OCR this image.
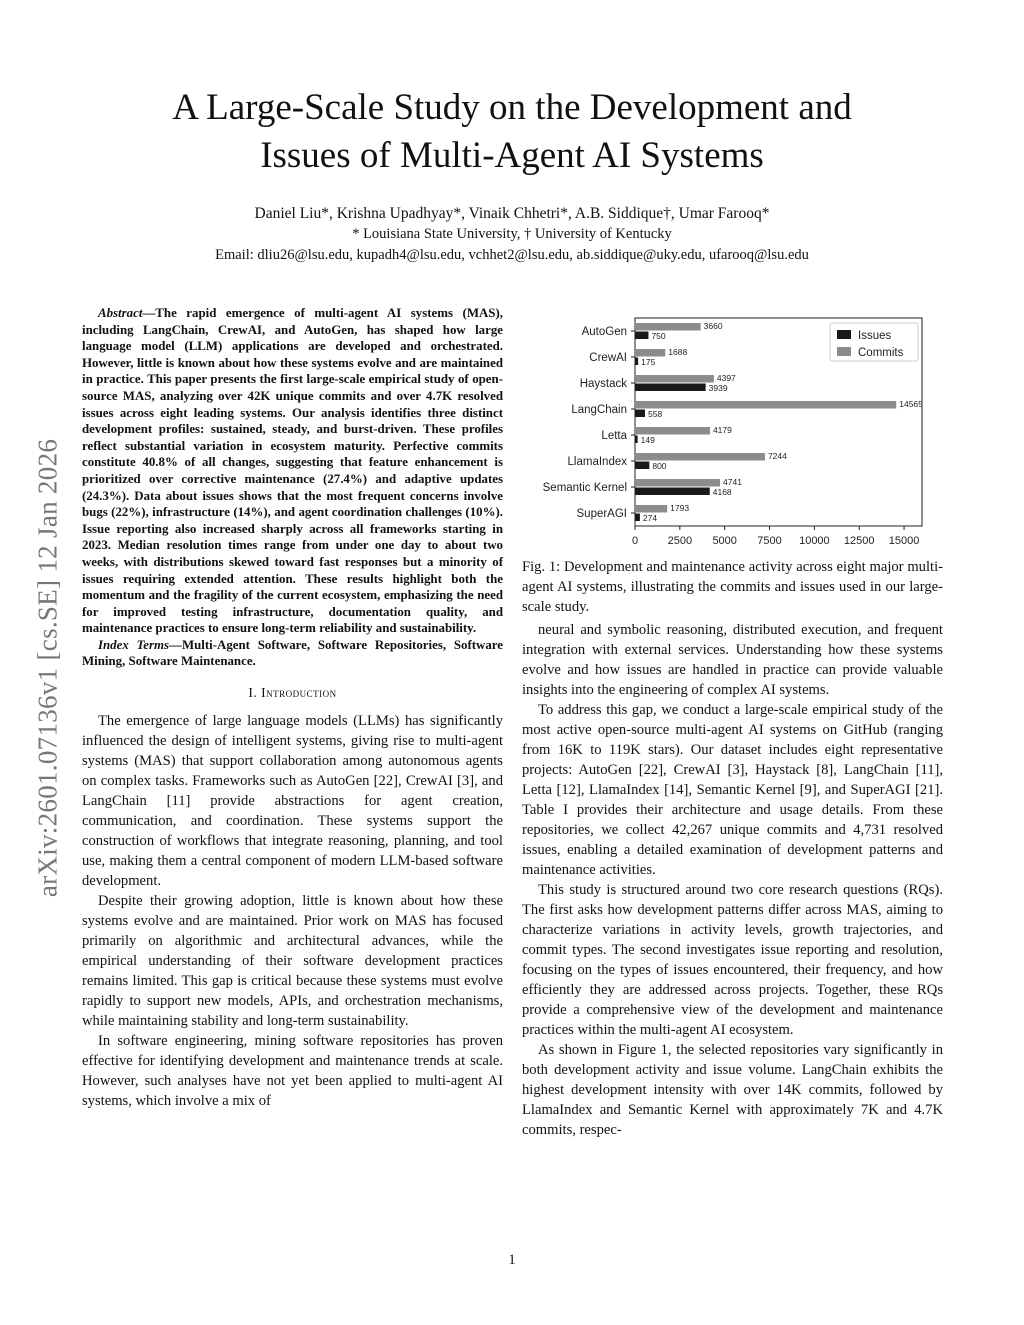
arXiv:2601.07136v1 [cs.SE] 12 Jan 2026
A Large-Scale Study on the Development and
Issues of Multi-Agent AI Systems
Daniel Liu*, Krishna Upadhyay*, Vinaik Chhetri*, A.B. Siddique†, Umar Farooq*
* Louisiana State University, † University of Kentucky
Email: dliu26@lsu.edu, kupadh4@lsu.edu, vchhet2@lsu.edu, ab.siddique@uky.edu, ufarooq@lsu.edu

Abstract—The rapid emergence of multi-agent AI systems (MAS), including LangChain, CrewAI, and AutoGen, has shaped how large language model (LLM) applications are developed and orchestrated. However, little is known about how these systems evolve and are maintained in practice. This paper presents the first large-scale empirical study of open-source MAS, analyzing over 42K unique commits and over 4.7K resolved issues across eight leading systems. Our analysis identifies three distinct development profiles: sustained, steady, and burst-driven. These profiles reflect substantial variation in ecosystem maturity. Perfective commits constitute 40.8% of all changes, suggesting that feature enhancement is prioritized over corrective maintenance (27.4%) and adaptive updates (24.3%). Data about issues shows that the most frequent concerns involve bugs (22%), infrastructure (14%), and agent coordination challenges (10%). Issue reporting also increased sharply across all frameworks starting in 2023. Median resolution times range from under one day to about two weeks, with distributions skewed toward fast responses but a minority of issues requiring extended attention. These results highlight both the momentum and the fragility of the current ecosystem, emphasizing the need for improved testing infrastructure, documentation quality, and maintenance practices to ensure long-term reliability and sustainability.

Index Terms—Multi-Agent Software, Software Repositories, Software Mining, Software Maintenance.

I. Introduction

The emergence of large language models (LLMs) has significantly influenced the design of intelligent systems, giving rise to multi-agent systems (MAS) that support collaboration among autonomous agents on complex tasks. Frameworks such as AutoGen [22], CrewAI [3], and LangChain [11] provide abstractions for agent creation, communication, and coordination. These systems support the construction of workflows that integrate reasoning, planning, and tool use, making them a central component of modern LLM-based software development.

Despite their growing adoption, little is known about how these systems evolve and are maintained. Prior work on MAS has focused primarily on algorithmic and architectural advances, while the empirical understanding of their software development practices remains limited. This gap is critical because these systems must evolve rapidly to support new models, APIs, and orchestration mechanisms, while maintaining stability and long-term sustainability.

In software engineering, mining software repositories has proven effective for identifying development and maintenance trends at scale. However, such analyses have not yet been applied to multi-agent AI systems, which involve a mix of

0	2500 5000 7500 10000 12500 15000
AutoGen	3660
750
CrewAI	1688
175
Haystack	4397
3939
LangChain	14565
558
Letta	4179
149
LlamaIndex	7244
800
Semantic Kernel	4741
4168
SuperAGI	1793
274
Issues
Commits

Fig. 1: Development and maintenance activity across eight major multi-agent AI systems, illustrating the commits and issues used in our large-scale study.

neural and symbolic reasoning, distributed execution, and frequent integration with external services. Understanding how these systems evolve and how issues are handled in practice can provide valuable insights into the engineering of complex AI systems.

To address this gap, we conduct a large-scale empirical study of the most active open-source multi-agent AI systems on GitHub (ranging from 16K to 119K stars). Our dataset includes eight representative projects: AutoGen [22], CrewAI [3], Haystack [8], LangChain [11], Letta [12], LlamaIndex [14], Semantic Kernel [9], and SuperAGI [21]. Table I provides their architecture and usage details. From these repositories, we collect 42,267 unique commits and 4,731 resolved issues, enabling a detailed examination of development patterns and maintenance activities.

This study is structured around two core research questions (RQs). The first asks how development patterns differ across MAS, aiming to characterize variations in activity levels, growth trajectories, and commit types. The second investigates issue reporting and resolution, focusing on the types of issues encountered, their frequency, and how efficiently they are addressed across projects. Together, these RQs provide a comprehensive view of the development and maintenance practices within the multi-agent AI ecosystem.

As shown in Figure 1, the selected repositories vary significantly in both development activity and issue volume. LangChain exhibits the highest development intensity with over 14K commits, followed by LlamaIndex and Semantic Kernel with approximately 7K and 4.7K commits, respec-

1
